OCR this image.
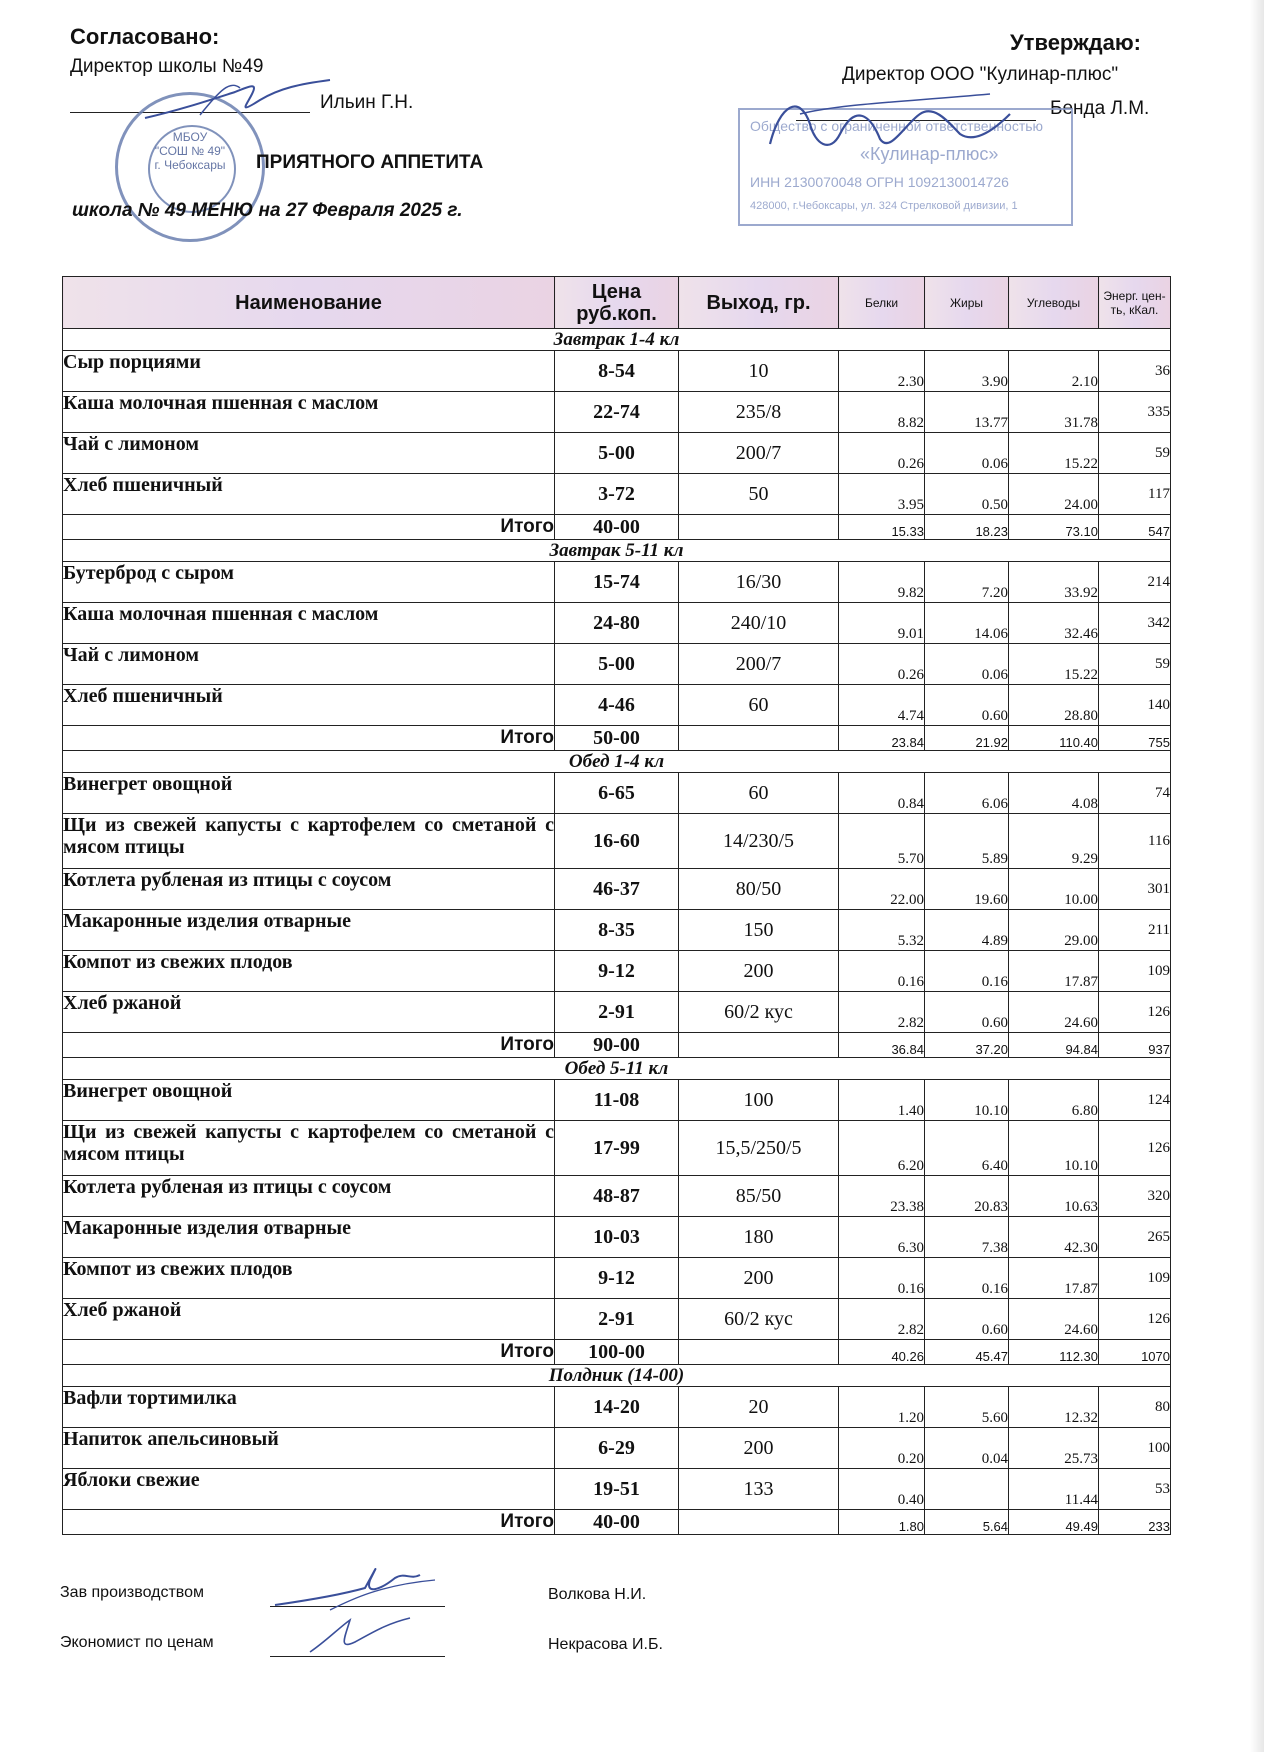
Согласовано:
Директор школы №49
Ильин Г.Н.
МБОУ
"СОШ № 49"
г. Чебоксары	ПРИЯТНОГО АППЕТИТА
школа № 49 МЕНЮ на 27 Февраля 2025 г.
Утверждаю:
Директор ООО "Кулинар-плюс"
Бенда Л.М.
Общество с ограниченной ответственностью
«Кулинар-плюс»
ИНН 2130070048 ОГРН 1092130014726
428000, г.Чебоксары, ул. 324 Стрелковой дивизии, 1
Наименование	Цена руб.коп.	Выход, гр.	Белки	Жиры	Углеводы	Энерг. цен-ть, кКал.
Завтрак 1-4 кл						
Сыр порциями	8-54	10	2.30	3.90	2.10	36
Каша молочная пшенная с маслом	22-74	235/8	8.82	13.77	31.78	335
Чай с лимоном	5-00	200/7	0.26	0.06	15.22	59
Хлеб пшеничный	3-72	50	3.95	0.50	24.00	117
Итого	40-00		15.33	18.23	73.10	547
Завтрак 5-11 кл						
Бутерброд с сыром	15-74	16/30	9.82	7.20	33.92	214
Каша молочная пшенная с маслом	24-80	240/10	9.01	14.06	32.46	342
Чай с лимоном	5-00	200/7	0.26	0.06	15.22	59
Хлеб пшеничный	4-46	60	4.74	0.60	28.80	140
Итого	50-00		23.84	21.92	110.40	755
Обед 1-4 кл						
Винегрет овощной	6-65	60	0.84	6.06	4.08	74
Щи из свежей капусты с картофелем со сметаной с мясом птицы	16-60	14/230/5	5.70	5.89	9.29	116
Котлета рубленая из птицы с соусом	46-37	80/50	22.00	19.60	10.00	301
Макаронные изделия отварные	8-35	150	5.32	4.89	29.00	211
Компот из свежих плодов	9-12	200	0.16	0.16	17.87	109
Хлеб ржаной	2-91	60/2 кус	2.82	0.60	24.60	126
Итого	90-00		36.84	37.20	94.84	937
Обед 5-11 кл						
Винегрет овощной	11-08	100	1.40	10.10	6.80	124
Щи из свежей капусты с картофелем со сметаной с мясом птицы	17-99	15,5/250/5	6.20	6.40	10.10	126
Котлета рубленая из птицы с соусом	48-87	85/50	23.38	20.83	10.63	320
Макаронные изделия отварные	10-03	180	6.30	7.38	42.30	265
Компот из свежих плодов	9-12	200	0.16	0.16	17.87	109
Хлеб ржаной	2-91	60/2 кус	2.82	0.60	24.60	126
Итого	100-00		40.26	45.47	112.30	1070
Полдник (14-00)						
Вафли тортимилка	14-20	20	1.20	5.60	12.32	80
Напиток апельсиновый	6-29	200	0.20	0.04	25.73	100
Яблоки свежие	19-51	133	0.40		11.44	53
Итого	40-00		1.80	5.64	49.49	233
Зав производством	Волкова Н.И.
Экономист по ценам	Некрасова И.Б.
